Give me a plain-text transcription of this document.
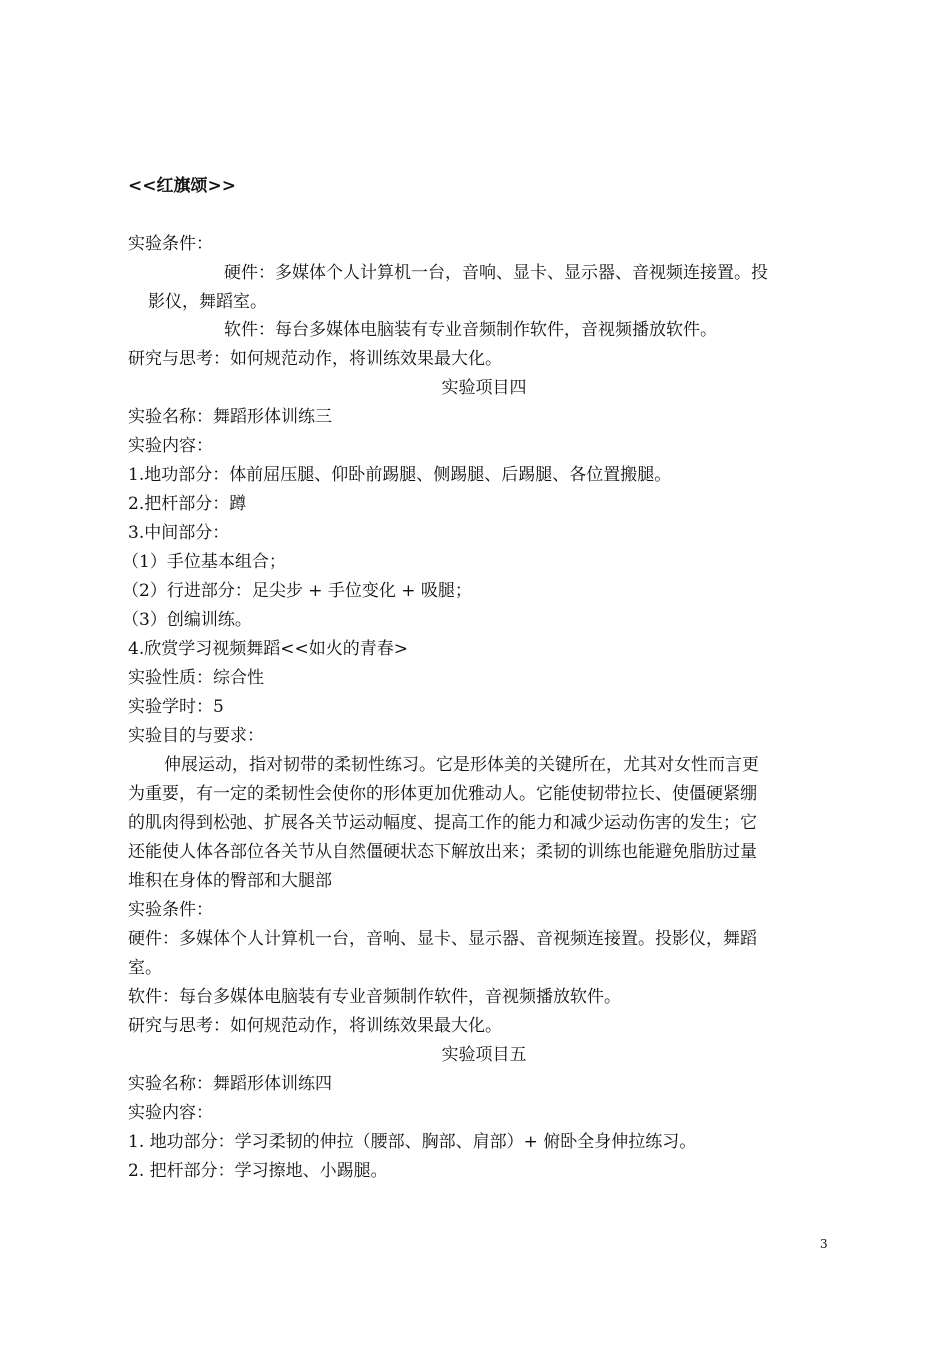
<<红旗颂>>

实验条件：

硬件：多媒体个人计算机一台，音响、显卡、显示器、音视频连接置。投

影仪，舞蹈室。

软件：每台多媒体电脑装有专业音频制作软件，音视频播放软件。

研究与思考：如何规范动作，将训练效果最大化。

实验项目四

实验名称：舞蹈形体训练三

实验内容：

1.地功部分：体前屈压腿、仰卧前踢腿、侧踢腿、后踢腿、各位置搬腿。

2.把杆部分：蹲

3.中间部分：

（1）手位基本组合；

（2）行进部分：足尖步 + 手位变化 + 吸腿；

（3）创编训练。

4.欣赏学习视频舞蹈<<如火的青春>

实验性质：综合性

实验学时：5

实验目的与要求：

伸展运动，指对韧带的柔韧性练习。它是形体美的关键所在，尤其对女性而言更

为重要，有一定的柔韧性会使你的形体更加优雅动人。它能使韧带拉长、使僵硬紧绷

的肌肉得到松弛、扩展各关节运动幅度、提高工作的能力和减少运动伤害的发生；它

还能使人体各部位各关节从自然僵硬状态下解放出来；柔韧的训练也能避免脂肪过量

堆积在身体的臀部和大腿部

实验条件：

硬件：多媒体个人计算机一台，音响、显卡、显示器、音视频连接置。投影仪，舞蹈

室。

软件：每台多媒体电脑装有专业音频制作软件，音视频播放软件。

研究与思考：如何规范动作，将训练效果最大化。

实验项目五

实验名称：舞蹈形体训练四

实验内容：

1. 地功部分：学习柔韧的伸拉（腰部、胸部、肩部）+ 俯卧全身伸拉练习。

2. 把杆部分：学习擦地、小踢腿。

3
